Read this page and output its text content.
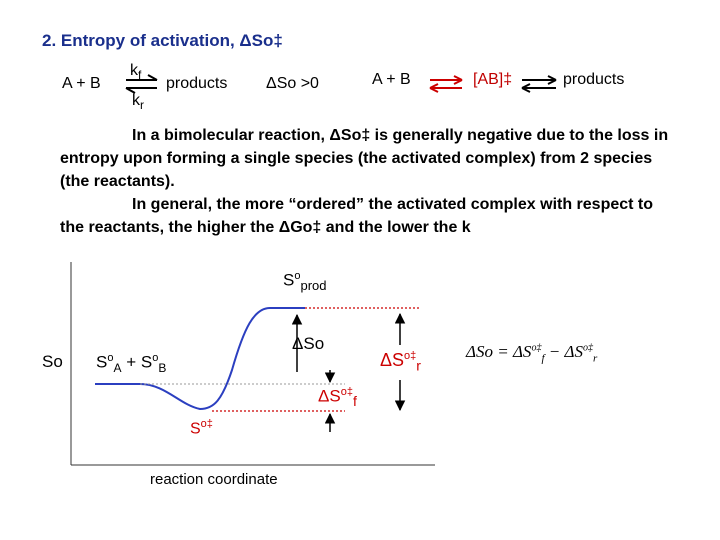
2. Entropy of activation, ΔSo‡
A + B
$k_f$
$k_r$
products ΔSo >0	A + B	[AB]‡	products

In a bimolecular reaction, ΔSo‡ is generally negative due to the loss in entropy upon forming a single species (the activated complex) from 2 species (the reactants).

In general, the more “ordered” the activated complex with respect to the reactants, the higher the ΔGo‡ and the lower the k

So
reaction coordinate
$S^o_{prod}$
$S^o_A + S^o_B$
$S^{o\ddagger}$
ΔSo
$\Delta S^{o\ddagger}_r$
$\Delta S^{o\ddagger}_f$
$\Delta So = \Delta S^{o\ddagger}_f - \Delta S^{o\ddagger}_r$
